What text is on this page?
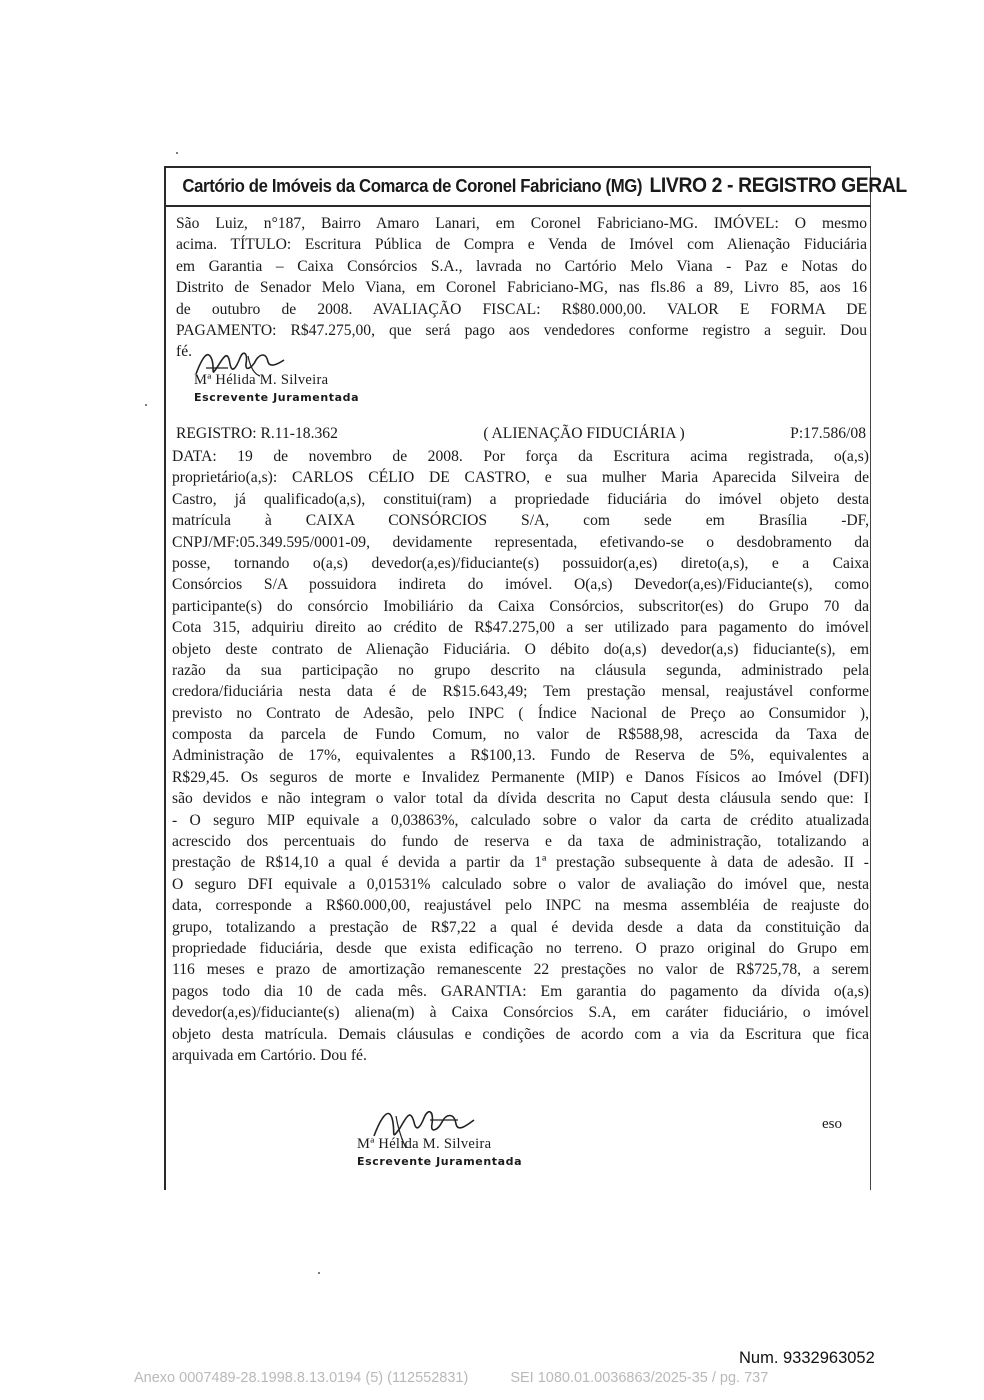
Cartório de Imóveis da Comarca de Coronel Fabriciano (MG) LIVRO 2 - REGISTRO GERAL
São Luiz, n°187, Bairro Amaro Lanari, em Coronel Fabriciano-MG. IMÓVEL: O mesmo
acima. TÍTULO: Escritura Pública de Compra e Venda de Imóvel com Alienação Fiduciária
em Garantia – Caixa Consórcios S.A., lavrada no Cartório Melo Viana - Paz e Notas do
Distrito de Senador Melo Viana, em Coronel Fabriciano-MG, nas fls.86 a 89, Livro 85, aos 16
de outubro de 2008. AVALIAÇÃO FISCAL: R$80.000,00. VALOR E FORMA DE
PAGAMENTO: R$47.275,00, que será pago aos vendedores conforme registro a seguir. Dou
fé.
Mª Hélida M. Silveira
Escrevente Juramentada
REGISTRO: R.11-18.362	( ALIENAÇÃO FIDUCIÁRIA )	P:17.586/08
DATA: 19 de novembro de 2008. Por força da Escritura acima registrada, o(a,s)
proprietário(a,s): CARLOS CÉLIO DE CASTRO, e sua mulher Maria Aparecida Silveira de
Castro, já qualificado(a,s), constitui(ram) a propriedade fiduciária do imóvel objeto desta
matrícula à CAIXA CONSÓRCIOS S/A, com sede em Brasília -DF,
CNPJ/MF:05.349.595/0001-09, devidamente representada, efetivando-se o desdobramento da
posse, tornando o(a,s) devedor(a,es)/fiduciante(s) possuidor(a,es) direto(a,s), e a Caixa
Consórcios S/A possuidora indireta do imóvel. O(a,s) Devedor(a,es)/Fiduciante(s), como
participante(s) do consórcio Imobiliário da Caixa Consórcios, subscritor(es) do Grupo 70 da
Cota 315, adquiriu direito ao crédito de R$47.275,00 a ser utilizado para pagamento do imóvel
objeto deste contrato de Alienação Fiduciária. O débito do(a,s) devedor(a,s) fiduciante(s), em
razão da sua participação no grupo descrito na cláusula segunda, administrado pela
credora/fiduciária nesta data é de R$15.643,49; Tem prestação mensal, reajustável conforme
previsto no Contrato de Adesão, pelo INPC ( Índice Nacional de Preço ao Consumidor ),
composta da parcela de Fundo Comum, no valor de R$588,98, acrescida da Taxa de
Administração de 17%, equivalentes a R$100,13. Fundo de Reserva de 5%, equivalentes a
R$29,45. Os seguros de morte e Invalidez Permanente (MIP) e Danos Físicos ao Imóvel (DFI)
são devidos e não integram o valor total da dívida descrita no Caput desta cláusula sendo que: I
- O seguro MIP equivale a 0,03863%, calculado sobre o valor da carta de crédito atualizada
acrescido dos percentuais do fundo de reserva e da taxa de administração, totalizando a
prestação de R$14,10 a qual é devida a partir da 1ª prestação subsequente à data de adesão. II -
O seguro DFI equivale a 0,01531% calculado sobre o valor de avaliação do imóvel que, nesta
data, corresponde a R$60.000,00, reajustável pelo INPC na mesma assembléia de reajuste do
grupo, totalizando a prestação de R$7,22 a qual é devida desde a data da constituição da
propriedade fiduciária, desde que exista edificação no terreno. O prazo original do Grupo em
116 meses e prazo de amortização remanescente 22 prestações no valor de R$725,78, a serem
pagos todo dia 10 de cada mês. GARANTIA: Em garantia do pagamento da dívida o(a,s)
devedor(a,es)/fiduciante(s) aliena(m) à Caixa Consórcios S.A, em caráter fiduciário, o imóvel
objeto desta matrícula. Demais cláusulas e condições de acordo com a via da Escritura que fica
arquivada em Cartório. Dou fé.
eso
Mª Hélida M. Silveira
Escrevente Juramentada
Num. 9332963052
Anexo 0007489-28.1998.8.13.0194 (5) (112552831)	SEI 1080.01.0036863/2025-35 / pg. 737
